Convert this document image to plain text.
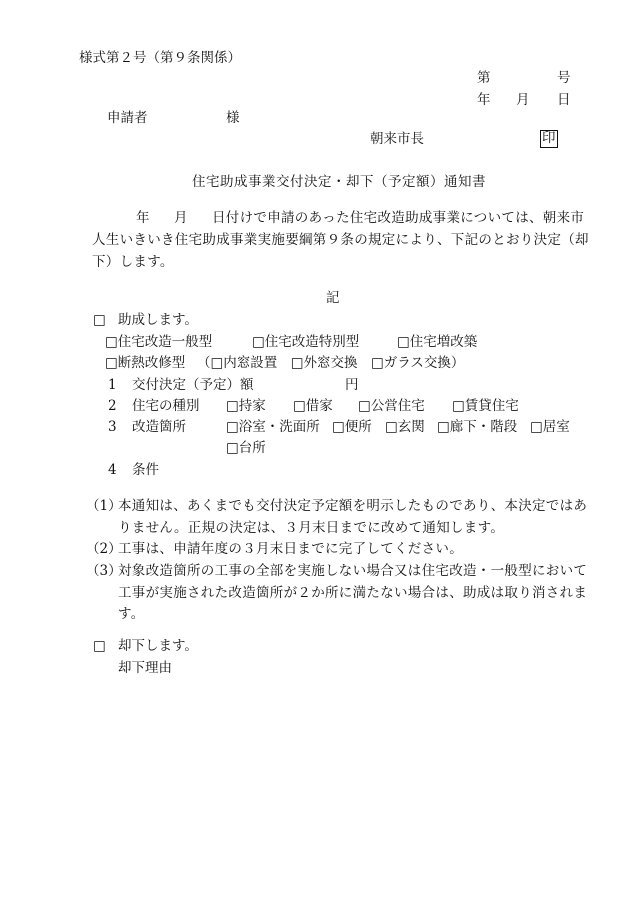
様式第２号（第９条関係）
第	号
年 月 日
申請者	様
朝来市長	印
住宅助成事業交付決定・却下（予定額）通知書
年 月 日付けで申請のあった住宅改造助成事業については、朝来市
人生いきいき住宅助成事業実施要綱第９条の規定により、下記のとおり決定（却
下）します。
記
□ 助成します。
□住宅改造一般型	□住宅改造特別型	□住宅増改築
□断熱改修型 （□内窓設置　□外窓交換　□ガラス交換）
1 交付決定（予定）額	円
2 住宅の種別 □持家 □借家 □公営住宅 □賃貸住宅
3 改造箇所	□浴室・洗面所 □便所 □玄関 □廊下・階段 □居室
□台所
4 条件
（1）
本通知は、あくまでも交付決定予定額を明示したものであり、本決定ではあ
りません。正規の決定は、３月末日までに改めて通知します。
（2）
工事は、申請年度の３月末日までに完了してください。
（3）
対象改造箇所の工事の全部を実施しない場合又は住宅改造・一般型において
工事が実施された改造箇所が２か所に満たない場合は、助成は取り消されま
す。
□ 却下します。
却下理由
